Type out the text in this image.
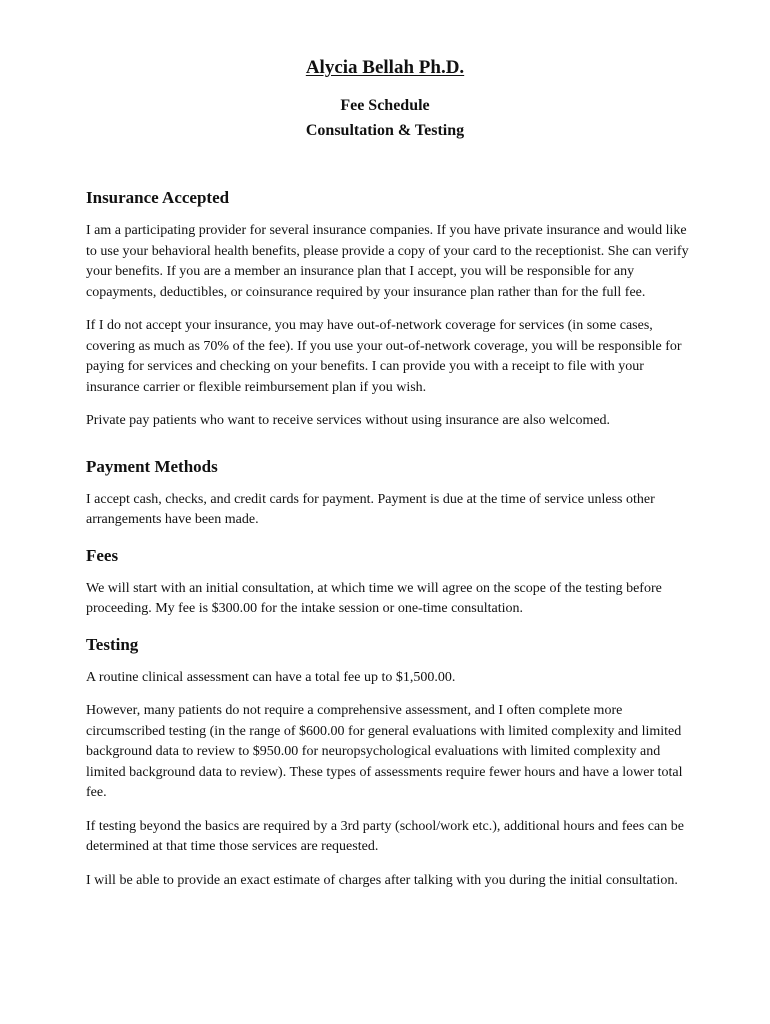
Alycia Bellah Ph.D.
Fee Schedule
Consultation & Testing
Insurance Accepted

I am a participating provider for several insurance companies. If you have private insurance and would like to use your behavioral health benefits, please provide a copy of your card to the receptionist. She can verify your benefits. If you are a member an insurance plan that I accept, you will be responsible for any copayments, deductibles, or coinsurance required by your insurance plan rather than for the full fee.

If I do not accept your insurance, you may have out-of-network coverage for services (in some cases, covering as much as 70% of the fee). If you use your out-of-network coverage, you will be responsible for paying for services and checking on your benefits. I can provide you with a receipt to file with your insurance carrier or flexible reimbursement plan if you wish.

Private pay patients who want to receive services without using insurance are also welcomed.

Payment Methods

I accept cash, checks, and credit cards for payment. Payment is due at the time of service unless other arrangements have been made.

Fees

We will start with an initial consultation, at which time we will agree on the scope of the testing before proceeding. My fee is $300.00 for the intake session or one-time consultation.

Testing

A routine clinical assessment can have a total fee up to $1,500.00.

However, many patients do not require a comprehensive assessment, and I often complete more circumscribed testing (in the range of $600.00 for general evaluations with limited complexity and limited background data to review to $950.00 for neuropsychological evaluations with limited complexity and limited background data to review). These types of assessments require fewer hours and have a lower total fee.

If testing beyond the basics are required by a 3rd party (school/work etc.), additional hours and fees can be determined at that time those services are requested.

I will be able to provide an exact estimate of charges after talking with you during the initial consultation.
